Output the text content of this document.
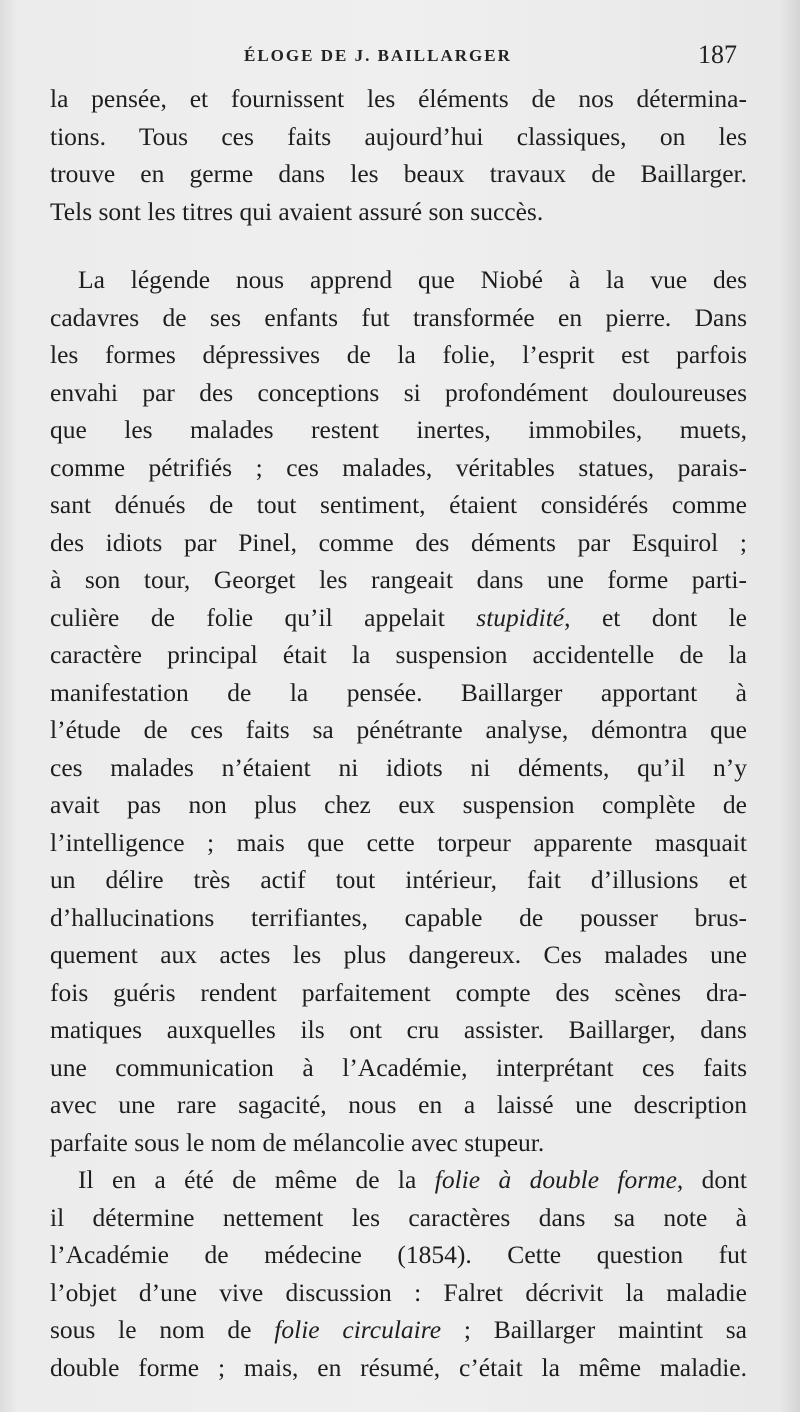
ÉLOGE DE J. BAILLARGER	187
la pensée, et fournissent les éléments de nos détermina-
tions. Tous ces faits aujourd’hui classiques, on les
trouve en germe dans les beaux travaux de Baillarger.
Tels sont les titres qui avaient assuré son succès.
La légende nous apprend que Niobé à la vue des
cadavres de ses enfants fut transformée en pierre. Dans
les formes dépressives de la folie, l’esprit est parfois
envahi par des conceptions si profondément douloureuses
que les malades restent inertes, immobiles, muets,
comme pétrifiés ; ces malades, véritables statues, parais-
sant dénués de tout sentiment, étaient considérés comme
des idiots par Pinel, comme des déments par Esquirol ;
à son tour, Georget les rangeait dans une forme parti-
culière de folie qu’il appelait stupidité, et dont le
caractère principal était la suspension accidentelle de la
manifestation de la pensée. Baillarger apportant à
l’étude de ces faits sa pénétrante analyse, démontra que
ces malades n’étaient ni idiots ni déments, qu’il n’y
avait pas non plus chez eux suspension complète de
l’intelligence ; mais que cette torpeur apparente masquait
un délire très actif tout intérieur, fait d’illusions et
d’hallucinations terrifiantes, capable de pousser brus-
quement aux actes les plus dangereux. Ces malades une
fois guéris rendent parfaitement compte des scènes dra-
matiques auxquelles ils ont cru assister. Baillarger, dans
une communication à l’Académie, interprétant ces faits
avec une rare sagacité, nous en a laissé une description
parfaite sous le nom de mélancolie avec stupeur.
Il en a été de même de la folie à double forme, dont
il détermine nettement les caractères dans sa note à
l’Académie de médecine (1854). Cette question fut
l’objet d’une vive discussion : Falret décrivit la maladie
sous le nom de folie circulaire ; Baillarger maintint sa
double forme ; mais, en résumé, c’était la même maladie.
